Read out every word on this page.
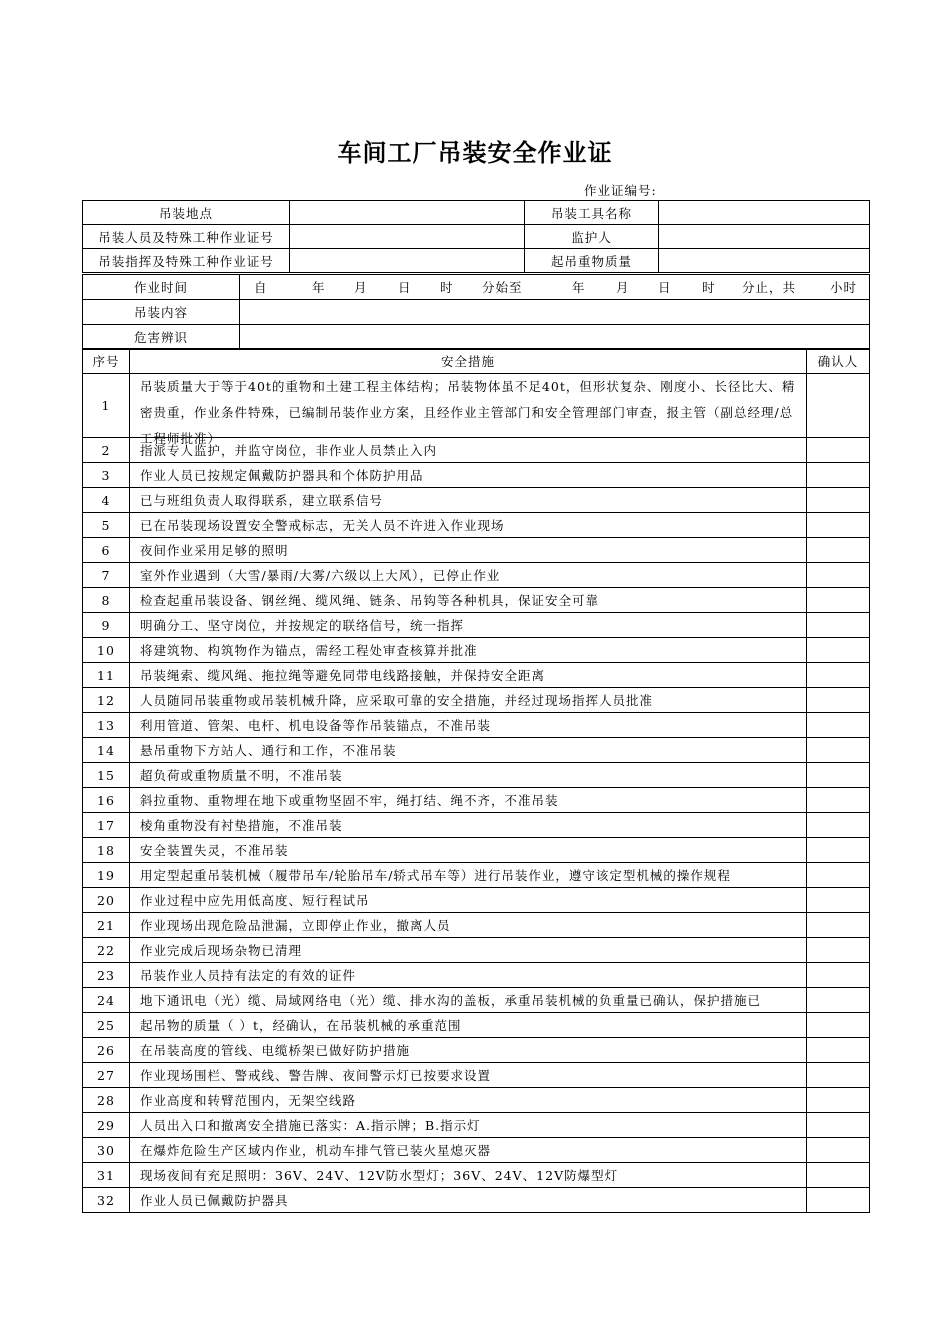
车间工厂吊装安全作业证
作业证编号:
吊装地点		吊装工具名称	
吊装人员及特殊工种作业证号		监护人	
吊装指挥及特殊工种作业证号		起吊重物质量	
作业时间	自 年 月 日 时 分始至 年 月 日 时 分止，共 小时
吊装内容	
危害辨识	
序号	安全措施	确认人
1	吊装质量大于等于40t的重物和土建工程主体结构；吊装物体虽不足40t，但形状复杂、刚度小、长径比大、精密贵重，作业条件特殊，已编制吊装作业方案，且经作业主管部门和安全管理部门审查，报主管（副总经理/总工程师批准）	

2	指派专人监护，并监守岗位，非作业人员禁止入内	
3	作业人员已按规定佩戴防护器具和个体防护用品	
4	已与班组负责人取得联系，建立联系信号	
5	已在吊装现场设置安全警戒标志，无关人员不许进入作业现场	
6	夜间作业采用足够的照明	
7	室外作业遇到（大雪/暴雨/大雾/六级以上大风），已停止作业	
8	检查起重吊装设备、钢丝绳、缆风绳、链条、吊钩等各种机具，保证安全可靠	
9	明确分工、坚守岗位，并按规定的联络信号，统一指挥	
10	将建筑物、构筑物作为锚点，需经工程处审查核算并批准	
11	吊装绳索、缆风绳、拖拉绳等避免同带电线路接触，并保持安全距离	
12	人员随同吊装重物或吊装机械升降，应采取可靠的安全措施，并经过现场指挥人员批准	
13	利用管道、管架、电杆、机电设备等作吊装锚点，不准吊装	
14	悬吊重物下方站人、通行和工作，不准吊装	
15	超负荷或重物质量不明，不准吊装	
16	斜拉重物、重物埋在地下或重物坚固不牢，绳打结、绳不齐，不准吊装	
17	棱角重物没有衬垫措施，不准吊装	
18	安全装置失灵，不准吊装	
19	用定型起重吊装机械（履带吊车/轮胎吊车/轿式吊车等）进行吊装作业，遵守该定型机械的操作规程	
20	作业过程中应先用低高度、短行程试吊	
21	作业现场出现危险品泄漏，立即停止作业，撤离人员	
22	作业完成后现场杂物已清理	
23	吊装作业人员持有法定的有效的证件	
24	地下通讯电（光）缆、局域网络电（光）缆、排水沟的盖板，承重吊装机械的负重量已确认，保护措施已	
25	起吊物的质量（ ）t，经确认，在吊装机械的承重范围	
26	在吊装高度的管线、电缆桥架已做好防护措施	
27	作业现场围栏、警戒线、警告牌、夜间警示灯已按要求设置	
28	作业高度和转臂范围内，无架空线路	
29	人员出入口和撤离安全措施已落实：A.指示牌；B.指示灯	
30	在爆炸危险生产区域内作业，机动车排气管已装火星熄灭器	
31	现场夜间有充足照明：36V、24V、12V防水型灯；36V、24V、12V防爆型灯	
32	作业人员已佩戴防护器具	
